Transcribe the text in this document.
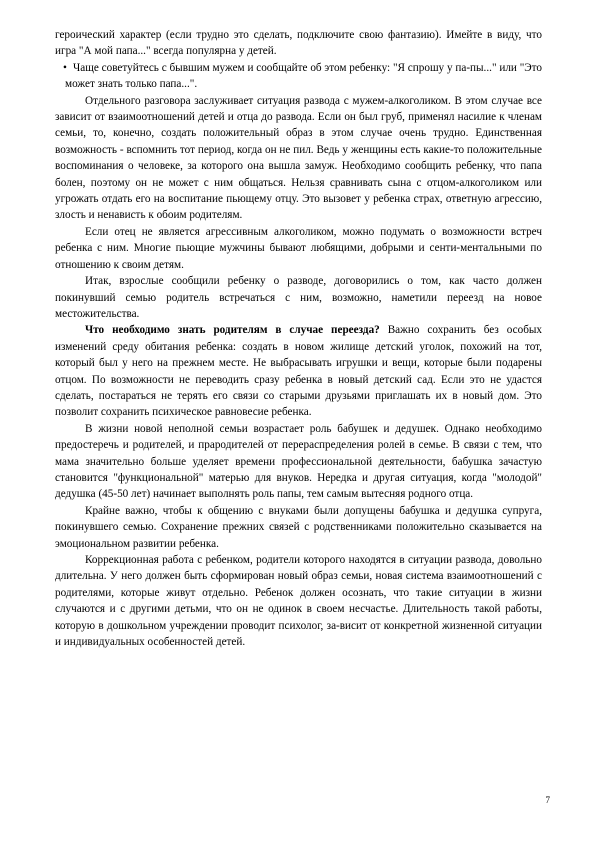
героический характер (если трудно это сделать, подключите свою фантазию). Имейте в виду, что игра "А мой папа..." всегда популярна у детей.

• Чаще советуйтесь с бывшим мужем и сообщайте об этом ребенку: "Я спрошу у па-пы..." или "Это может знать только папа...".

Отдельного разговора заслуживает ситуация развода с мужем-алкоголиком. В этом случае все зависит от взаимоотношений детей и отца до развода. Если он был груб, применял насилие к членам семьи, то, конечно, создать положительный образ в этом случае очень трудно. Единственная возможность - вспомнить тот период, когда он не пил. Ведь у женщины есть какие-то положительные воспоминания о человеке, за которого она вышла замуж. Необходимо сообщить ребенку, что папа болен, поэтому он не может с ним общаться. Нельзя сравнивать сына с отцом-алкоголиком или угрожать отдать его на воспитание пьющему отцу. Это вызовет у ребенка страх, ответную агрессию, злость и ненависть к обоим родителям.

Если отец не является агрессивным алкоголиком, можно подумать о возможности встреч ребенка с ним. Многие пьющие мужчины бывают любящими, добрыми и сенти-ментальными по отношению к своим детям.

Итак, взрослые сообщили ребенку о разводе, договорились о том, как часто должен покинувший семью родитель встречаться с ним, возможно, наметили переезд на новое местожительства.

Что необходимо знать родителям в случае переезда? Важно сохранить без особых изменений среду обитания ребенка: создать в новом жилище детский уголок, похожий на тот, который был у него на прежнем месте. Не выбрасывать игрушки и вещи, которые были подарены отцом. По возможности не переводить сразу ребенка в новый детский сад. Если это не удастся сделать, постараться не терять его связи со старыми друзьями приглашать их в новый дом. Это позволит сохранить психическое равновесие ребенка.

В жизни новой неполной семьи возрастает роль бабушек и дедушек. Однако необходимо предостеречь и родителей, и прародителей от перераспределения ролей в семье. В связи с тем, что мама значительно больше уделяет времени профессиональной деятельности, бабушка зачастую становится "функциональной" матерью для внуков. Нередка и другая ситуация, когда "молодой" дедушка (45-50 лет) начинает выполнять роль папы, тем самым вытесняя родного отца.

Крайне важно, чтобы к общению с внуками были допущены бабушка и дедушка супруга, покинувшего семью. Сохранение прежних связей с родственниками положительно сказывается на эмоциональном развитии ребенка.

Коррекционная работа с ребенком, родители которого находятся в ситуации развода, довольно длительна. У него должен быть сформирован новый образ семьи, новая система взаимоотношений с родителями, которые живут отдельно. Ребенок должен осознать, что такие ситуации в жизни случаются и с другими детьми, что он не одинок в своем несчастье. Длительность такой работы, которую в дошкольном учреждении проводит психолог, за-висит от конкретной жизненной ситуации и индивидуальных особенностей детей.

7
